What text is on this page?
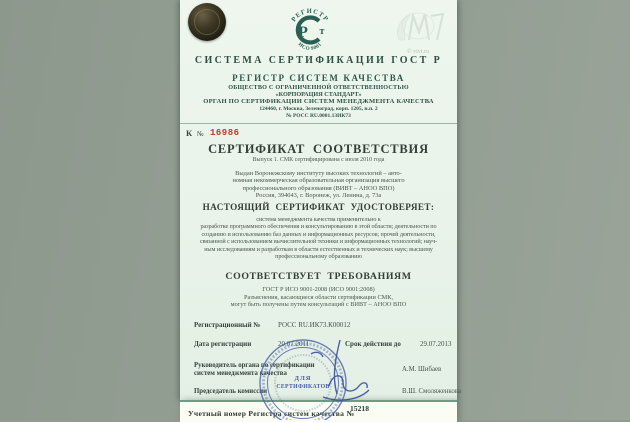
РЕГИСТР
ИСО 9001
Р т
© vivt.ru
СИСТЕМА СЕРТИФИКАЦИИ ГОСТ Р
РЕГИСТР СИСТЕМ КАЧЕСТВА
ОБЩЕСТВО С ОГРАНИЧЕННОЙ ОТВЕТСТВЕННОСТЬЮ
«КОРПОРАЦИЯ СТАНДАРТ»
ОРГАН ПО СЕРТИФИКАЦИИ СИСТЕМ МЕНЕДЖМЕНТА КАЧЕСТВА
124460, г. Москва, Зеленоград, корп. 1205, н.п. 2
№ РОСС RU.0001.13ИК73
К № 16986
СЕРТИФИКАТ СООТВЕТСТВИЯ
Выпуск 1. СМК сертифицирована с июля 2010 года

Выдан Воронежскому институту высоких технологий – авто-

номная некоммерческая образовательная организация высшего

профессионального образования (ВИВТ – АНОО ВПО)

Россия, 394043, г. Воронеж, ул. Ленина, д. 73а

НАСТОЯЩИЙ СЕРТИФИКАТ УДОСТОВЕРЯЕТ:

система менеджмента качества применительно к

разработке программного обеспечения и консультированию в этой области; деятельности по

созданию и использованию баз данных и информационных ресурсов; прочей деятельности,

связанной с использованием вычислительной техники и информационных технологий; науч-

ным исследованиям и разработкам в области естественных и технических наук; высшему

профессиональному образованию

СООТВЕТСТВУЕТ ТРЕБОВАНИЯМ

ГОСТ Р ИСО 9001-2008 (ИСО 9001:2008)

Разъяснения, касающиеся области сертификации СМК,

могут быть получены путем консультаций с ВИВТ – АНОО ВПО

Регистрационный №	РОСС RU.ИК73.К00012
Дата регистрации	20.07.2011	Срок действия до	29.07.2013
Руководитель органа по сертификации
систем менеджмента качества
А.М. Шибаев
Председатель комиссии	В.Ш. Смоляженкова
Учетный номер Регистра систем качества №
15218
ДЛЯ
СЕРТИФИКАТОВ
